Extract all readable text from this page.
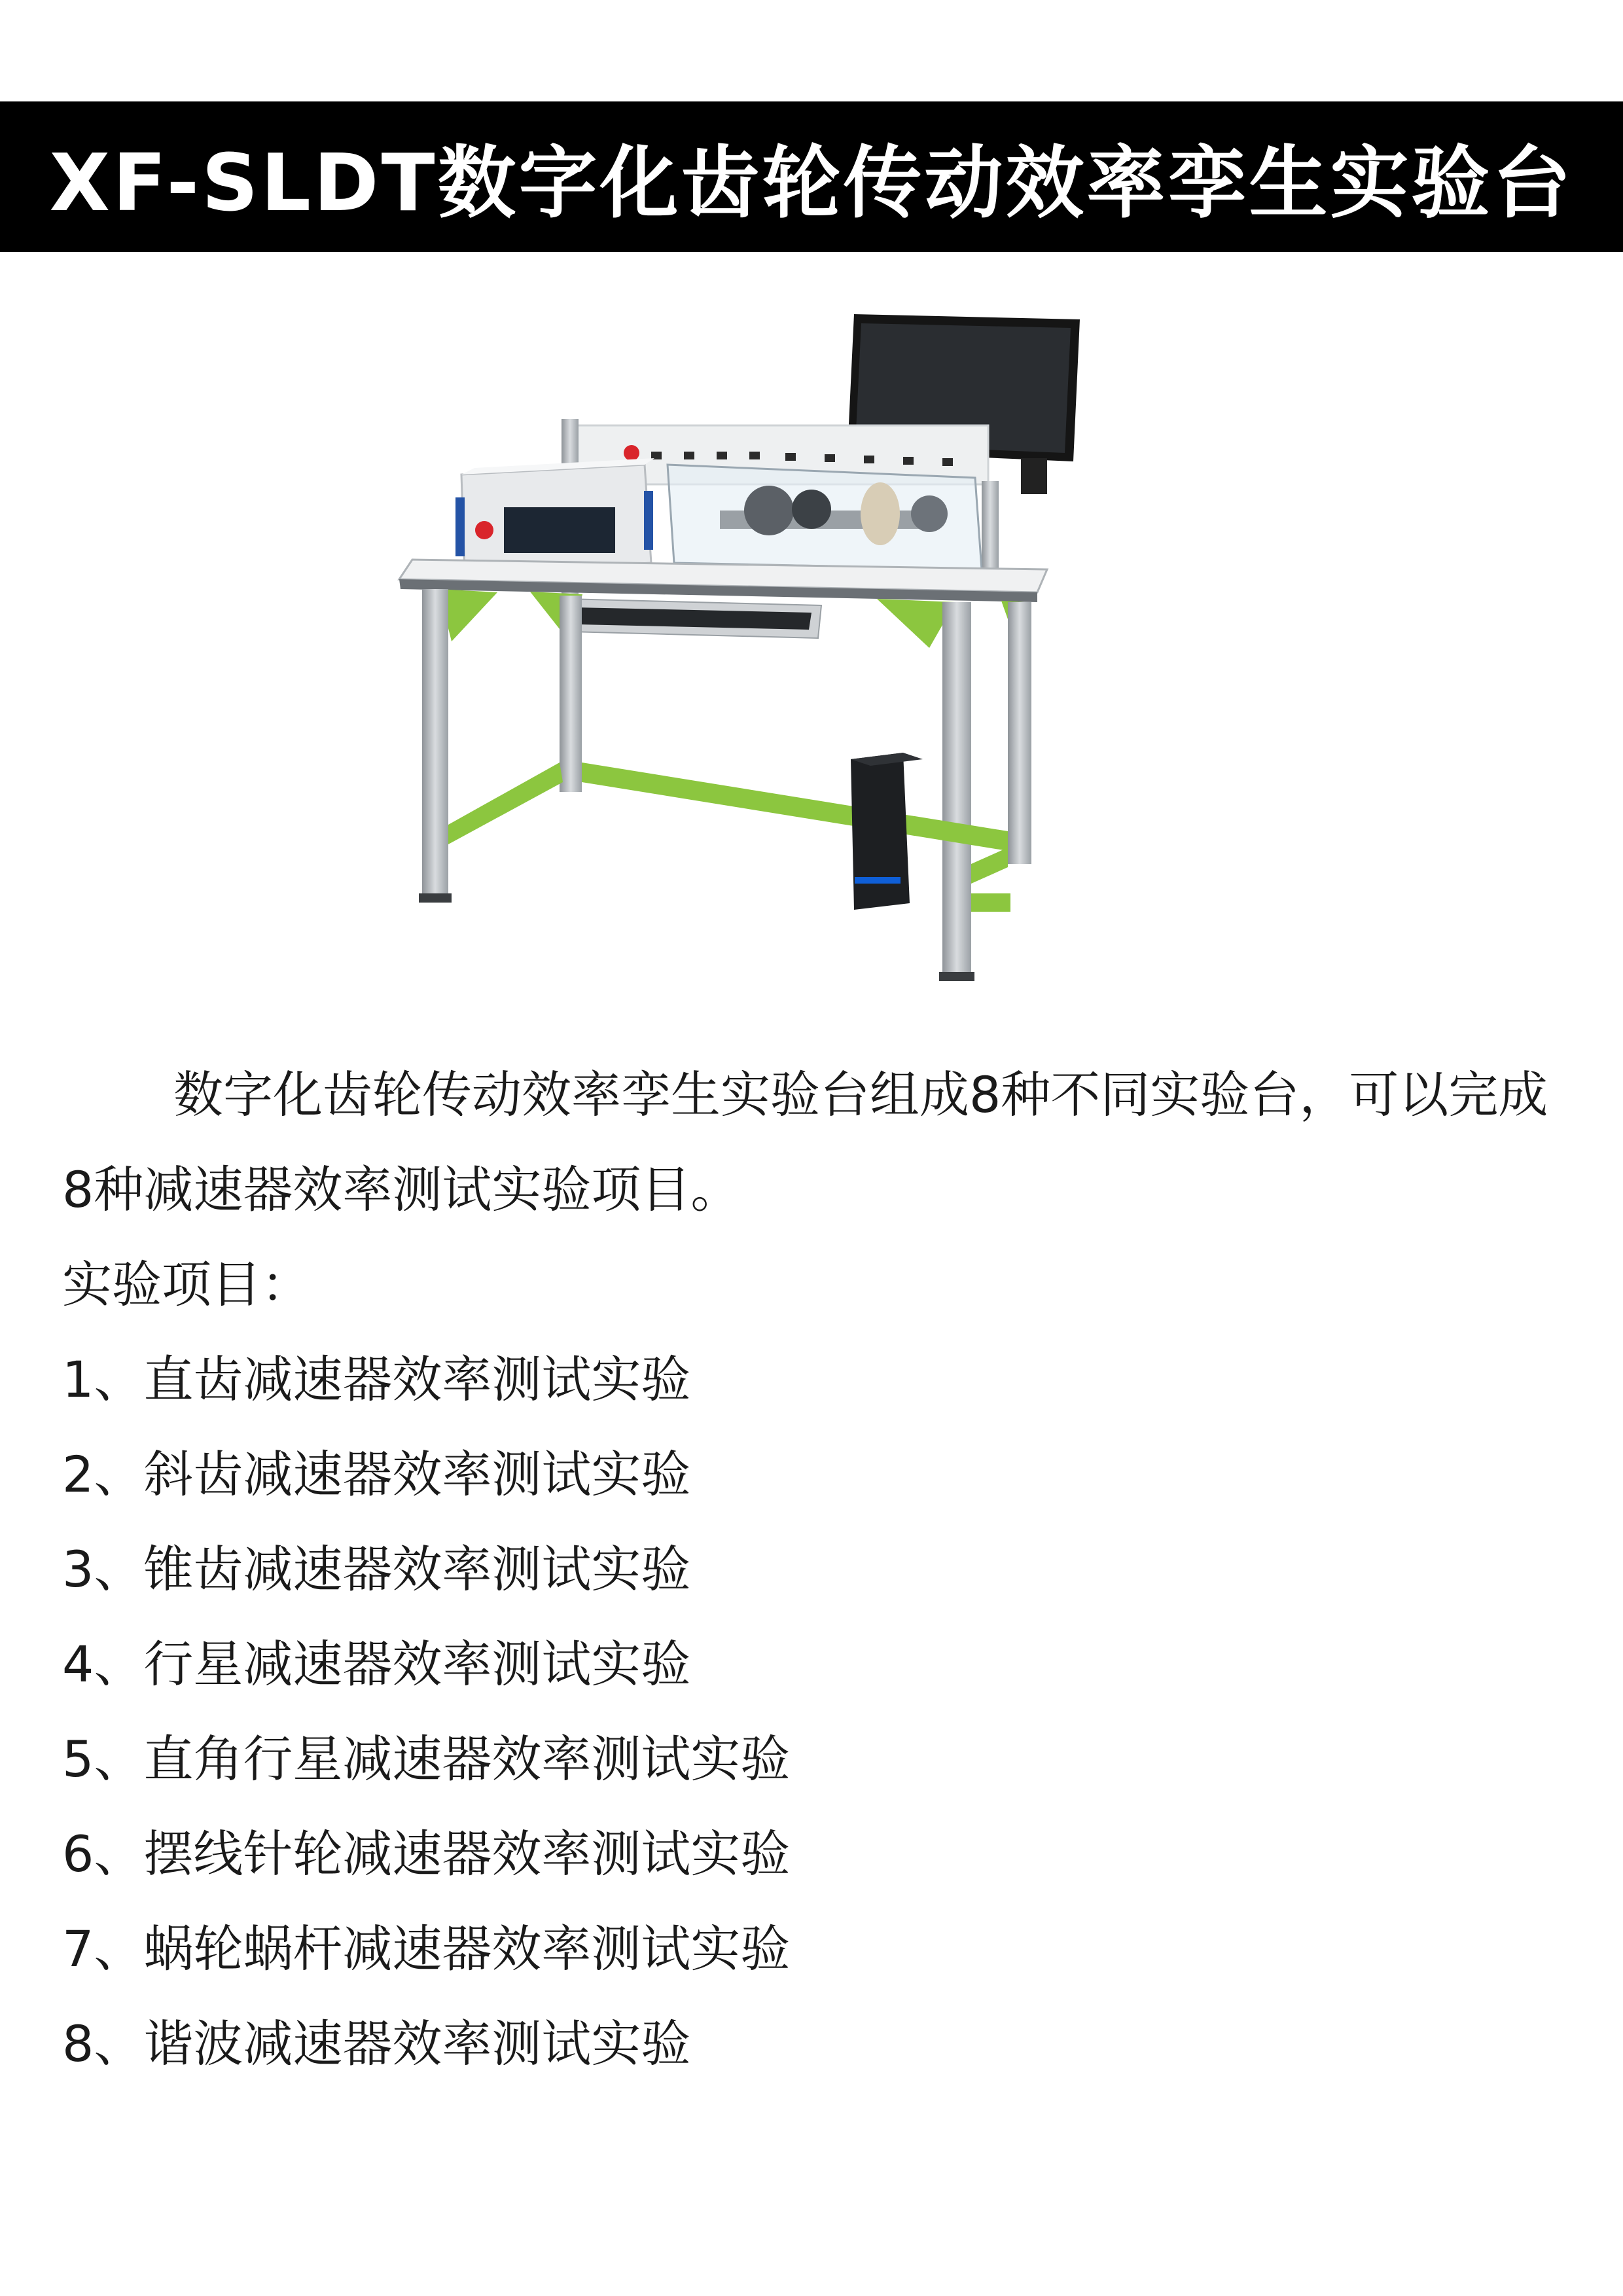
XF-SLDT数字化齿轮传动效率孪生实验台

数字化齿轮传动效率孪生实验台组成8种不同实验台，可以完成8种减速器效率测试实验项目。

实验项目：

1、直齿减速器效率测试实验
2、斜齿减速器效率测试实验
3、锥齿减速器效率测试实验
4、行星减速器效率测试实验
5、直角行星减速器效率测试实验
6、摆线针轮减速器效率测试实验
7、蜗轮蜗杆减速器效率测试实验
8、谐波减速器效率测试实验
